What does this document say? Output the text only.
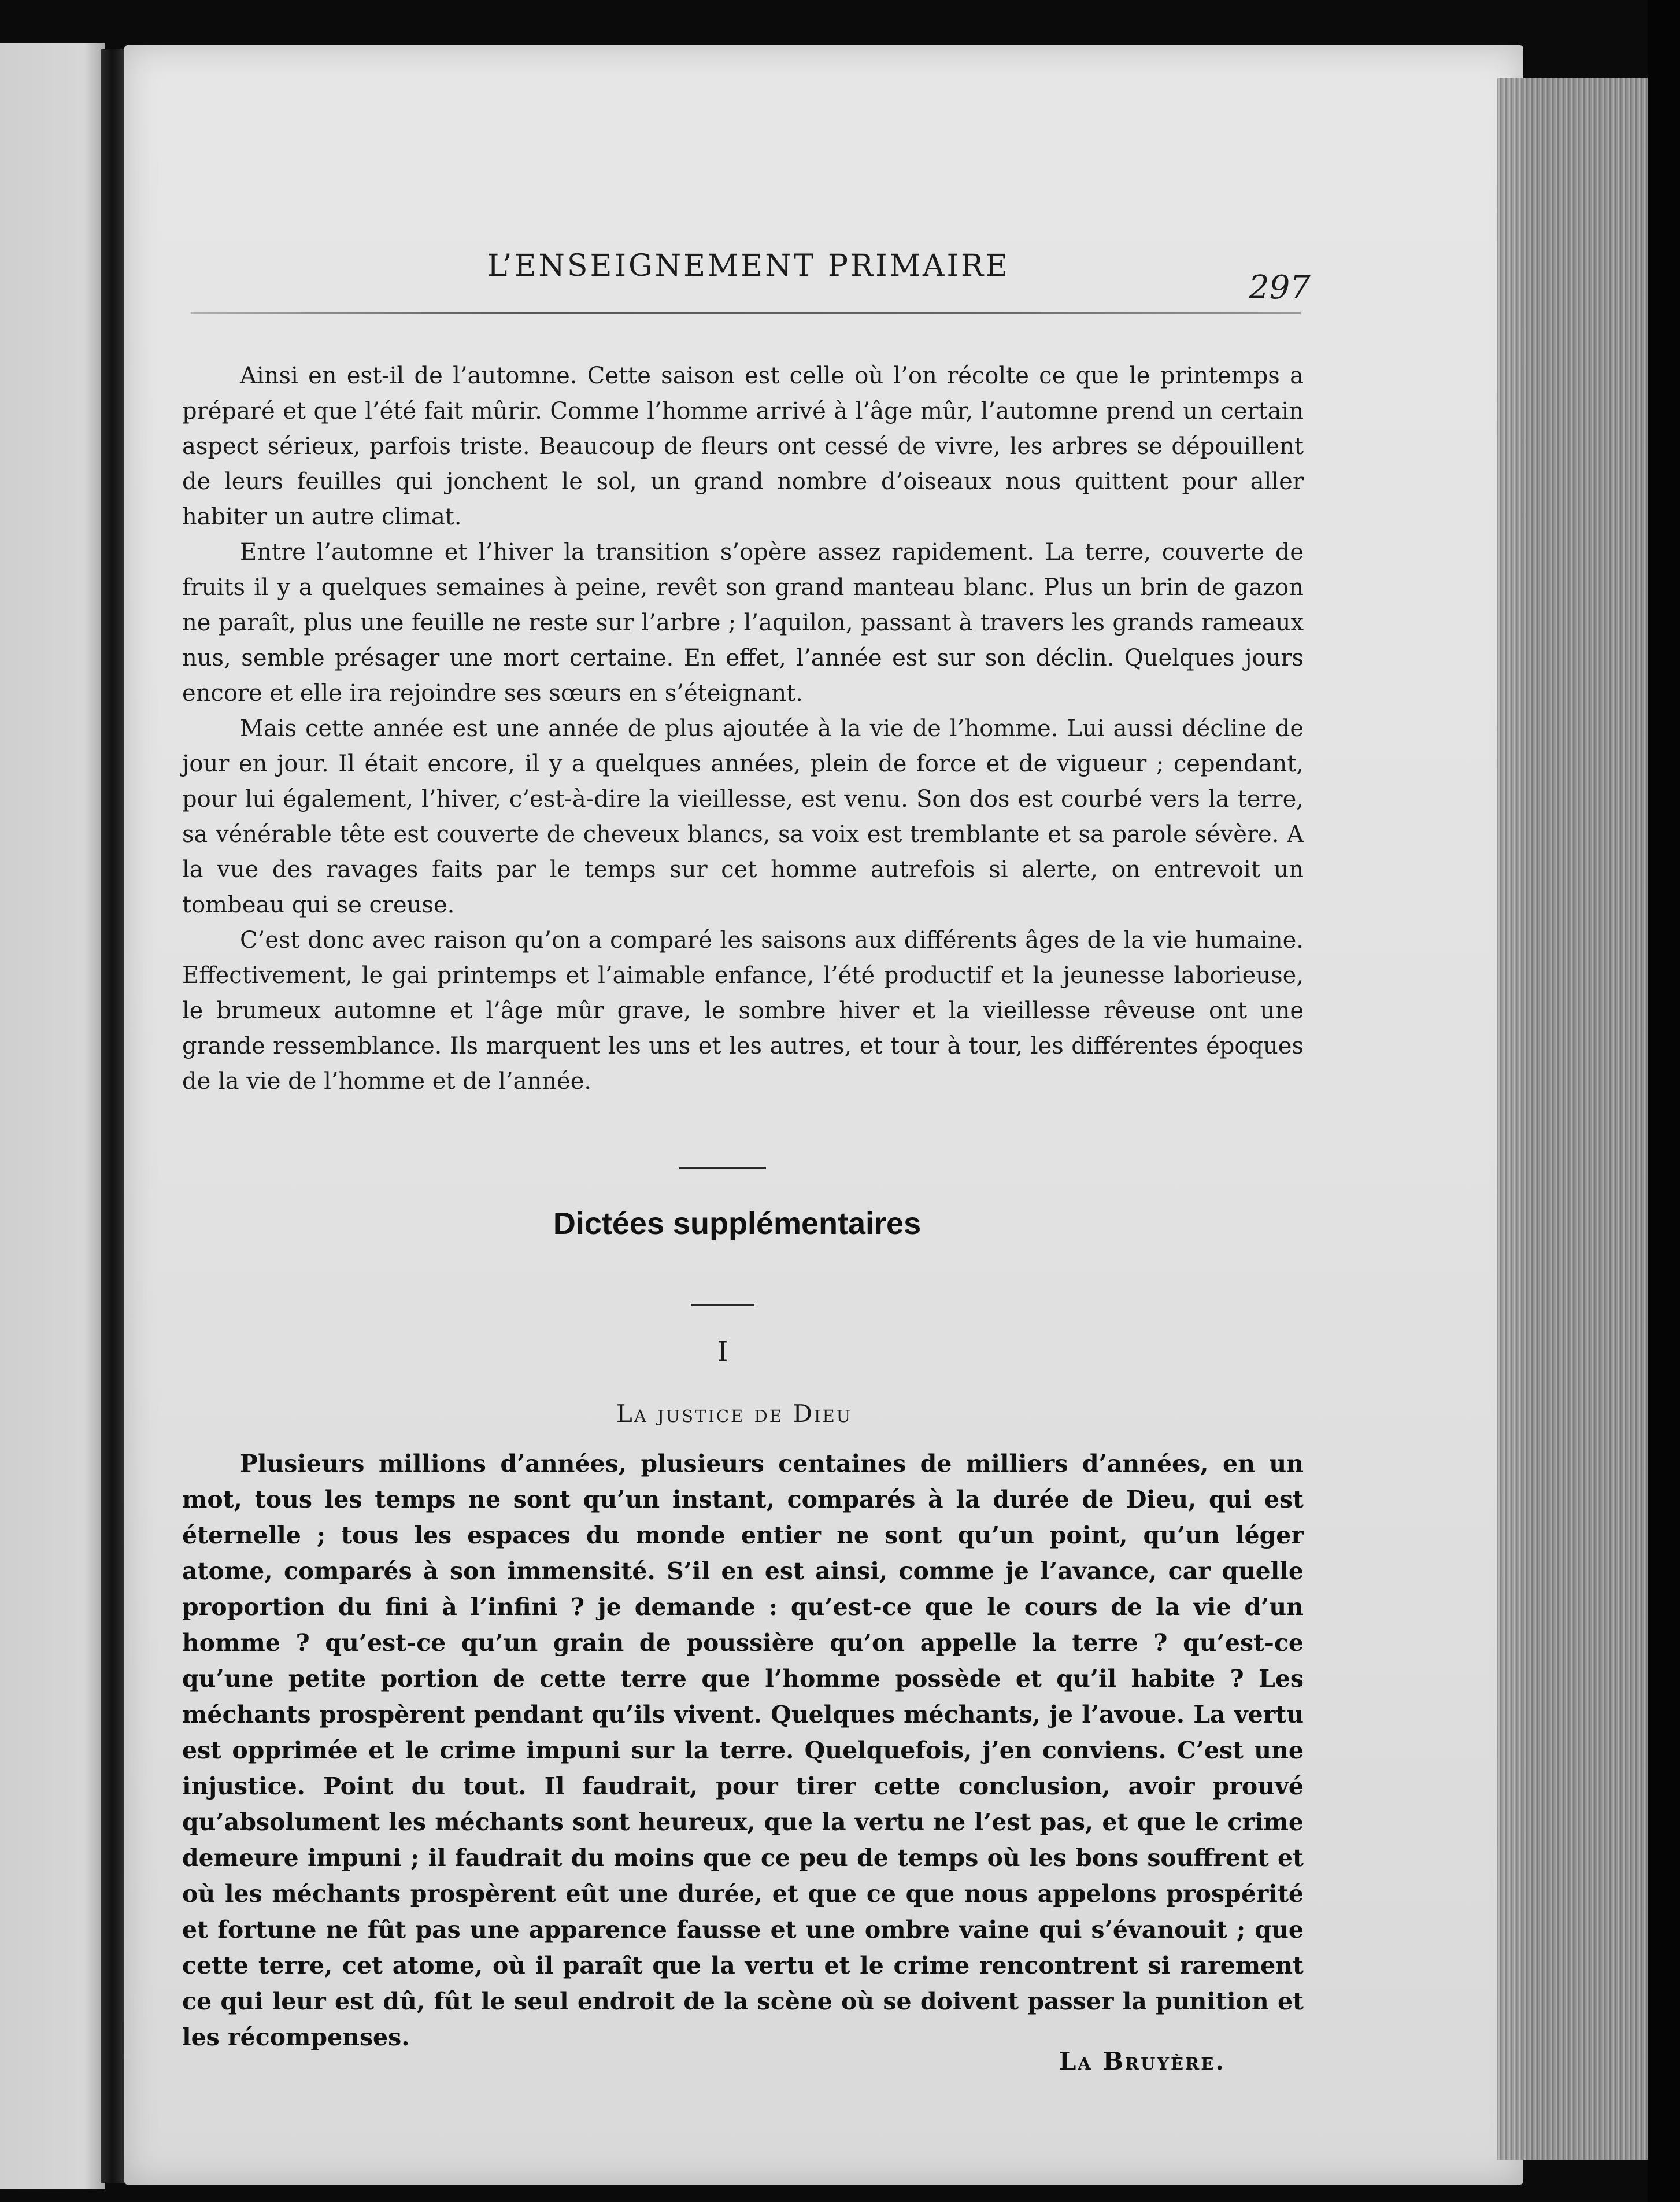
L’ENSEIGNEMENT PRIMAIRE
297

Ainsi en est-il de l’automne. Cette saison est celle où l’on récolte ce que le printemps a préparé et que l’été fait mûrir. Comme l’homme arrivé à l’âge mûr, l’automne prend un certain aspect sérieux, parfois triste. Beaucoup de fleurs ont cessé de vivre, les arbres se dépouillent de leurs feuilles qui jonchent le sol, un grand nombre d’oiseaux nous quittent pour aller habiter un autre climat.

Entre l’automne et l’hiver la transition s’opère assez rapidement. La terre, couverte de fruits il y a quelques semaines à peine, revêt son grand manteau blanc. Plus un brin de gazon ne paraît, plus une feuille ne reste sur l’arbre ; l’aquilon, passant à travers les grands rameaux nus, semble présager une mort certaine. En effet, l’année est sur son déclin. Quelques jours encore et elle ira rejoindre ses sœurs en s’éteignant.

Mais cette année est une année de plus ajoutée à la vie de l’homme. Lui aussi décline de jour en jour. Il était encore, il y a quelques années, plein de force et de vigueur ; cependant, pour lui également, l’hiver, c’est-à-dire la vieillesse, est venu. Son dos est courbé vers la terre, sa vénérable tête est couverte de cheveux blancs, sa voix est tremblante et sa parole sévère. A la vue des ravages faits par le temps sur cet homme autrefois si alerte, on entrevoit un tombeau qui se creuse.

C’est donc avec raison qu’on a comparé les saisons aux différents âges de la vie humaine. Effectivement, le gai printemps et l’aimable enfance, l’été productif et la jeunesse laborieuse, le brumeux automne et l’âge mûr grave, le sombre hiver et la vieillesse rêveuse ont une grande ressemblance. Ils marquent les uns et les autres, et tour à tour, les différentes époques de la vie de l’homme et de l’année.

Dictées supplémentaires
I
La justice de Dieu

Plusieurs millions d’années, plusieurs centaines de milliers d’années, en un mot, tous les temps ne sont qu’un instant, comparés à la durée de Dieu, qui est éternelle ; tous les espaces du monde entier ne sont qu’un point, qu’un léger atome, comparés à son immensité. S’il en est ainsi, comme je l’avance, car quelle proportion du fini à l’infini ? je demande : qu’est-ce que le cours de la vie d’un homme ? qu’est-ce qu’un grain de poussière qu’on appelle la terre ? qu’est-ce qu’une petite portion de cette terre que l’homme possède et qu’il habite ? Les méchants prospèrent pendant qu’ils vivent. Quelques méchants, je l’avoue. La vertu est opprimée et le crime impuni sur la terre. Quelquefois, j’en conviens. C’est une injustice. Point du tout. Il faudrait, pour tirer cette conclusion, avoir prouvé qu’absolument les méchants sont heureux, que la vertu ne l’est pas, et que le crime demeure impuni ; il faudrait du moins que ce peu de temps où les bons souffrent et où les méchants prospèrent eût une durée, et que ce que nous appelons prospérité et fortune ne fût pas une apparence fausse et une ombre vaine qui s’évanouit ; que cette terre, cet atome, où il paraît que la vertu et le crime rencontrent si rarement ce qui leur est dû, fût le seul endroit de la scène où se doivent passer la punition et les récompenses.

La Bruyère.
